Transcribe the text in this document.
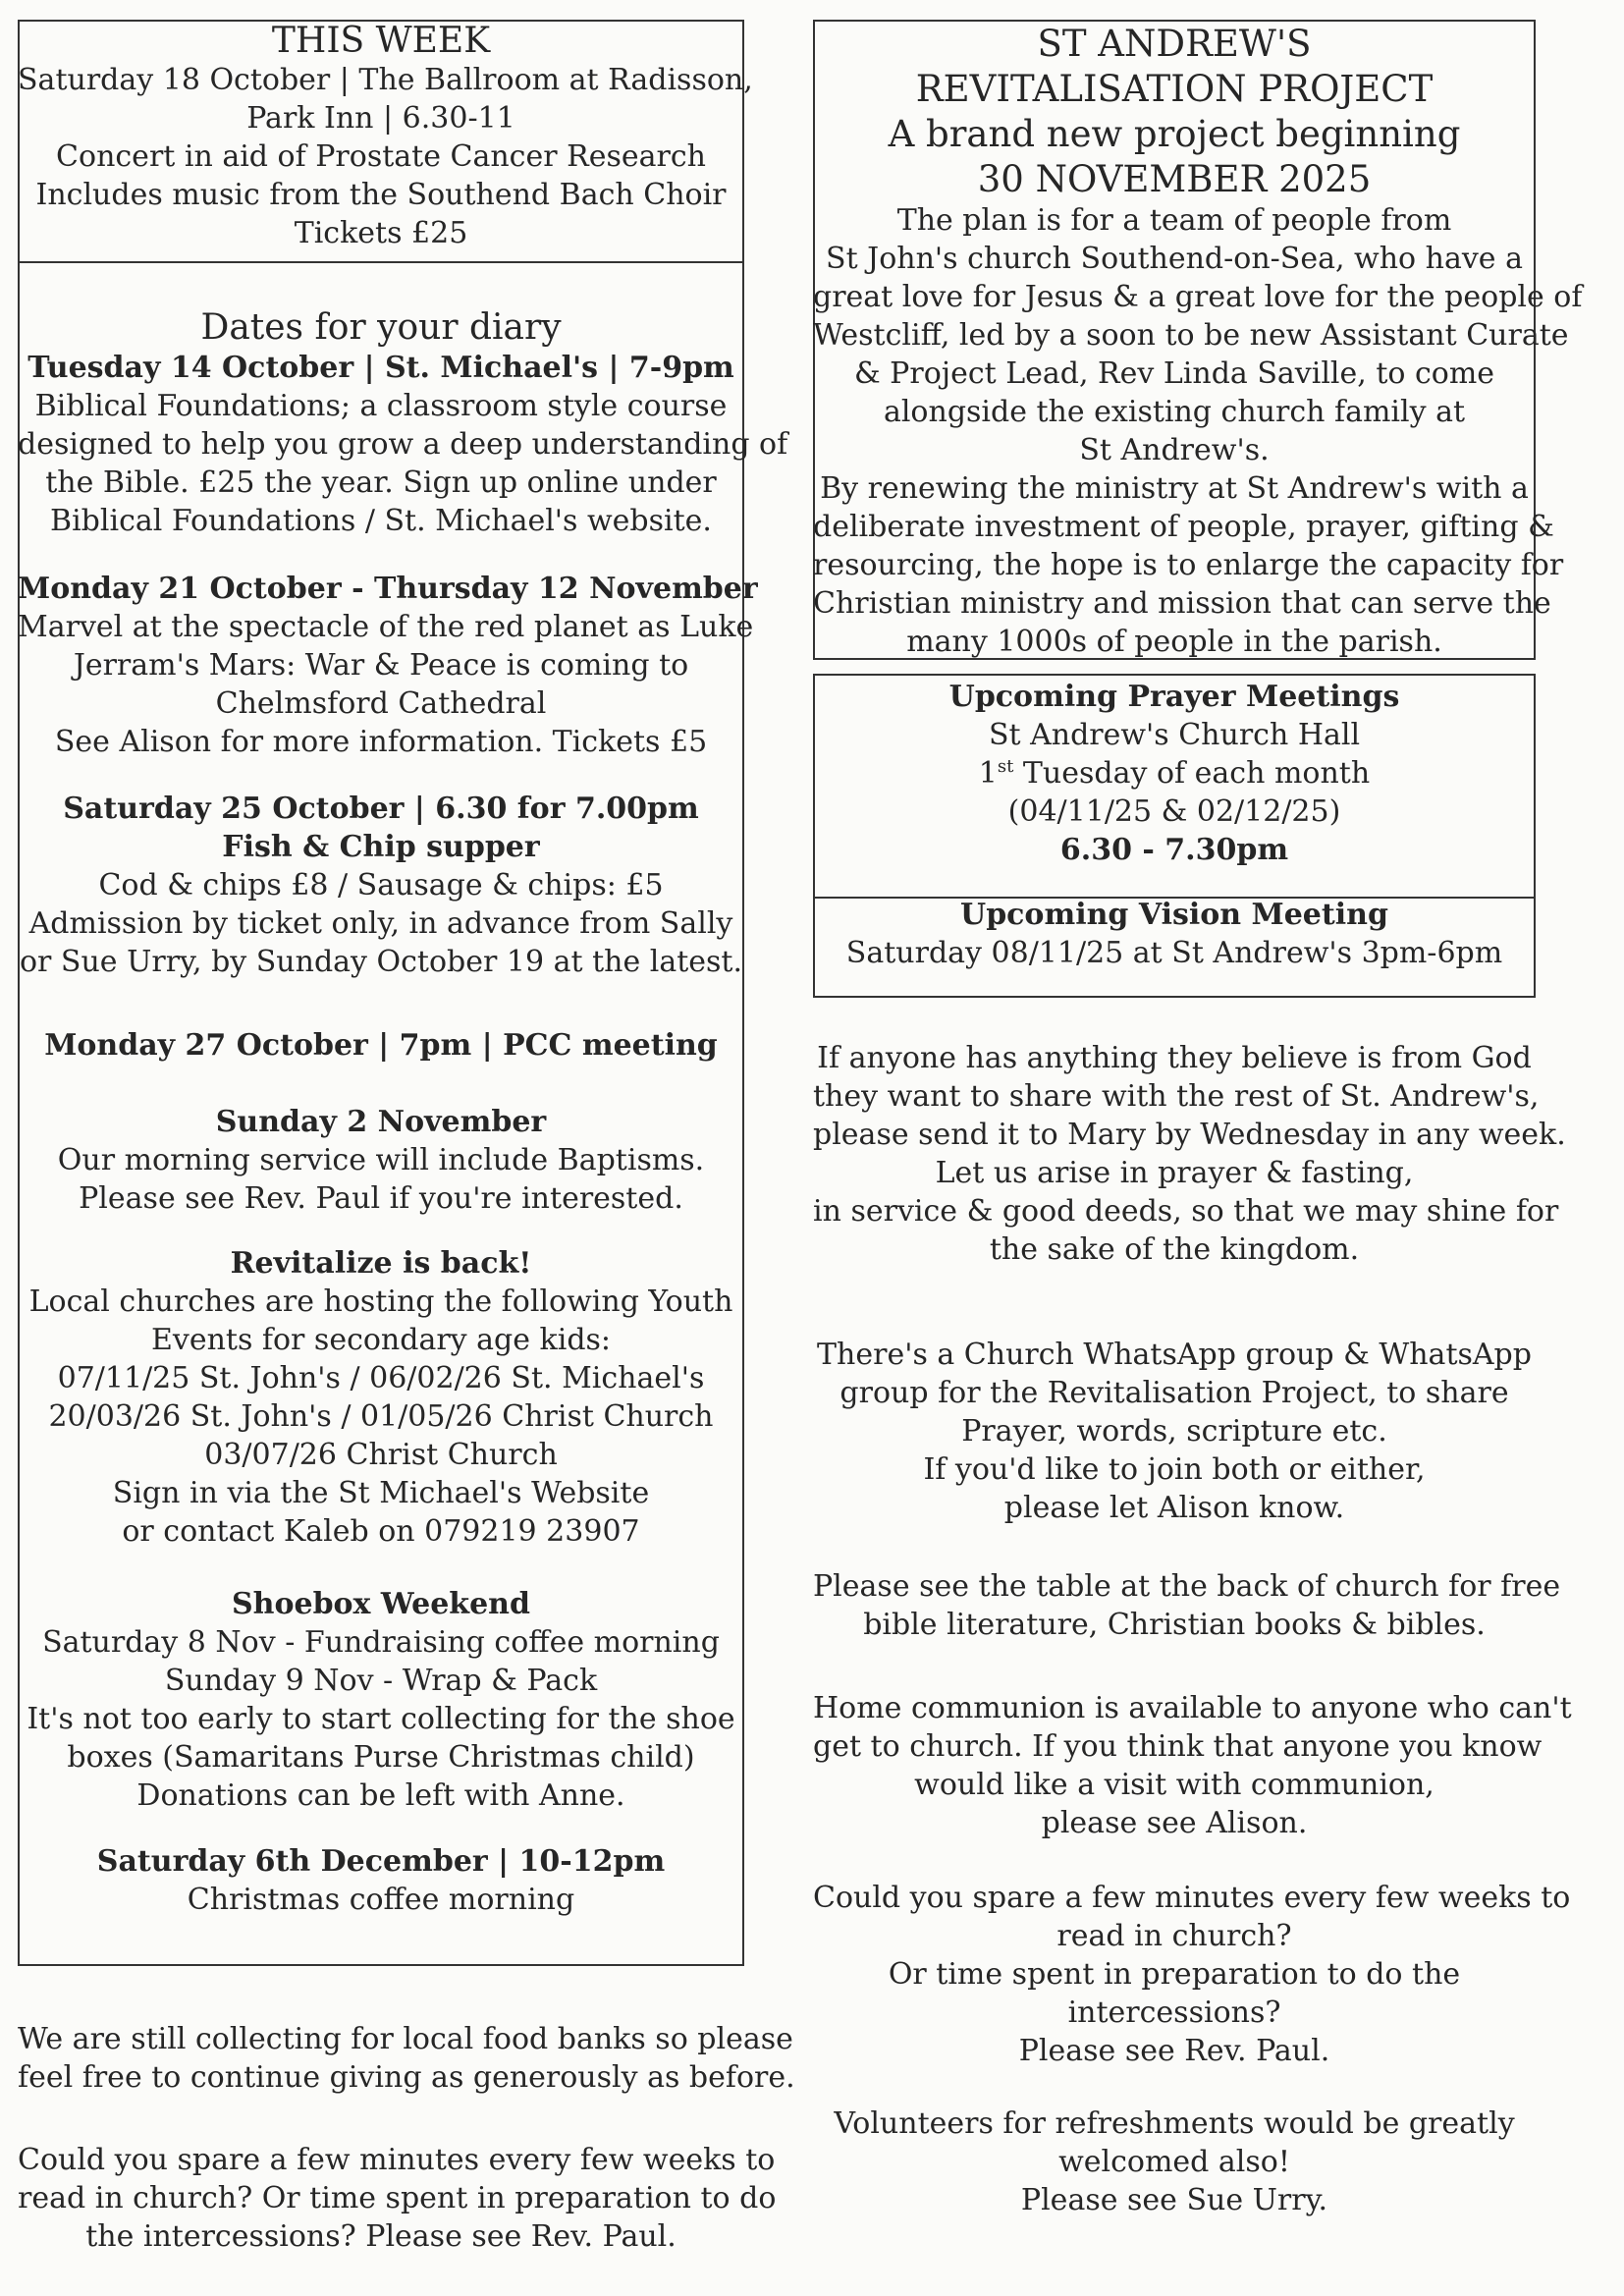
THIS WEEK
Saturday 18 October | The Ballroom at Radisson,
Park Inn | 6.30-11
Concert in aid of Prostate Cancer Research
Includes music from the Southend Bach Choir
Tickets £25
Dates for your diary
Tuesday 14 October | St. Michael's | 7-9pm
Biblical Foundations; a classroom style course
designed to help you grow a deep understanding of
the Bible. £25 the year. Sign up online under
Biblical Foundations / St. Michael's website.
Monday 21 October - Thursday 12 November
Marvel at the spectacle of the red planet as Luke
Jerram's Mars: War & Peace is coming to
Chelmsford Cathedral
See Alison for more information. Tickets £5
Saturday 25 October | 6.30 for 7.00pm
Fish & Chip supper
Cod & chips £8 / Sausage & chips: £5
Admission by ticket only, in advance from Sally
or Sue Urry, by Sunday October 19 at the latest.
Monday 27 October | 7pm | PCC meeting
Sunday 2 November
Our morning service will include Baptisms.
Please see Rev. Paul if you're interested.
Revitalize is back!
Local churches are hosting the following Youth
Events for secondary age kids:
07/11/25 St. John's / 06/02/26 St. Michael's
20/03/26 St. John's / 01/05/26 Christ Church
03/07/26 Christ Church
Sign in via the St Michael's Website
or contact Kaleb on 079219 23907
Shoebox Weekend
Saturday 8 Nov - Fundraising coffee morning
Sunday 9 Nov - Wrap & Pack
It's not too early to start collecting for the shoe
boxes (Samaritans Purse Christmas child)
Donations can be left with Anne.
Saturday 6th December | 10-12pm
Christmas coffee morning
We are still collecting for local food banks so please
feel free to continue giving as generously as before.
Could you spare a few minutes every few weeks to
read in church? Or time spent in preparation to do
the intercessions? Please see Rev. Paul.
ST ANDREW'S
REVITALISATION PROJECT
A brand new project beginning
30 NOVEMBER 2025
The plan is for a team of people from
St John's church Southend-on-Sea, who have a
great love for Jesus & a great love for the people of
Westcliff, led by a soon to be new Assistant Curate
& Project Lead, Rev Linda Saville, to come
alongside the existing church family at
St Andrew's.
By renewing the ministry at St Andrew's with a
deliberate investment of people, prayer, gifting &
resourcing, the hope is to enlarge the capacity for
Christian ministry and mission that can serve the
many 1000s of people in the parish.
Upcoming Prayer Meetings
St Andrew's Church Hall
1st Tuesday of each month
(04/11/25 & 02/12/25)
6.30 - 7.30pm
Upcoming Vision Meeting
Saturday 08/11/25 at St Andrew's 3pm-6pm
If anyone has anything they believe is from God
they want to share with the rest of St. Andrew's,
please send it to Mary by Wednesday in any week.
Let us arise in prayer & fasting,
in service & good deeds, so that we may shine for
the sake of the kingdom.
There's a Church WhatsApp group & WhatsApp
group for the Revitalisation Project, to share
Prayer, words, scripture etc.
If you'd like to join both or either,
please let Alison know.
Please see the table at the back of church for free
bible literature, Christian books & bibles.
Home communion is available to anyone who can't
get to church. If you think that anyone you know
would like a visit with communion,
please see Alison.
Could you spare a few minutes every few weeks to
read in church?
Or time spent in preparation to do the
intercessions?
Please see Rev. Paul.
Volunteers for refreshments would be greatly
welcomed also!
Please see Sue Urry.
